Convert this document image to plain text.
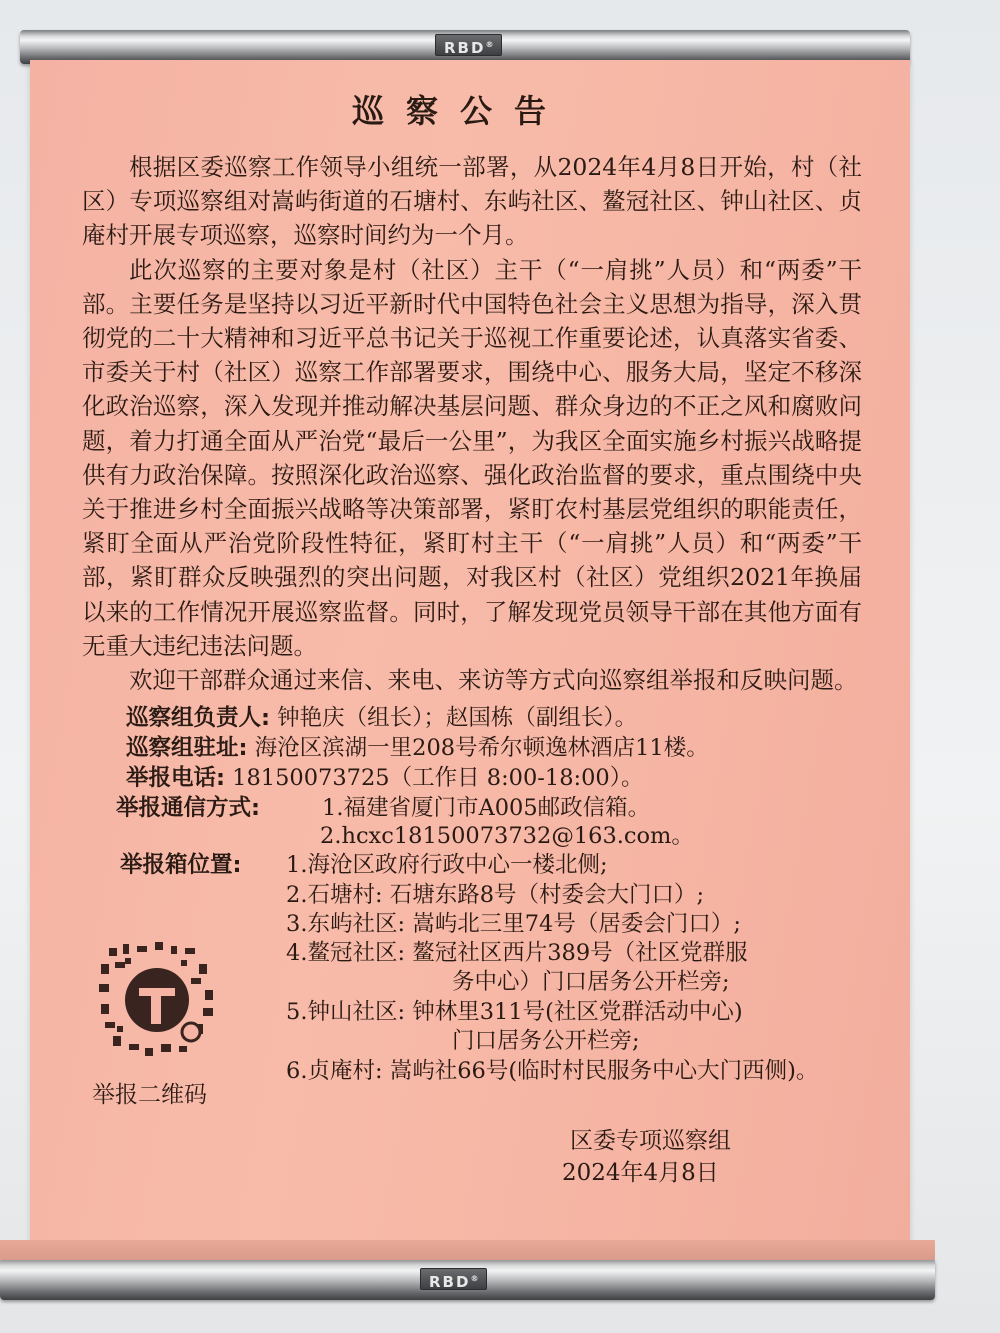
RBD®
巡察公告

根据区委巡察工作领导小组统一部署，从2024年4月8日开始，村（社区）专项巡察组对嵩屿街道的石塘村、东屿社区、鳌冠社区、钟山社区、贞庵村开展专项巡察，巡察时间约为一个月。

此次巡察的主要对象是村（社区）主干（“一肩挑”人员）和“两委”干部。主要任务是坚持以习近平新时代中国特色社会主义思想为指导，深入贯彻党的二十大精神和习近平总书记关于巡视工作重要论述，认真落实省委、市委关于村（社区）巡察工作部署要求，围绕中心、服务大局，坚定不移深化政治巡察，深入发现并推动解决基层问题、群众身边的不正之风和腐败问题，着力打通全面从严治党“最后一公里”，为我区全面实施乡村振兴战略提供有力政治保障。按照深化政治巡察、强化政治监督的要求，重点围绕中央关于推进乡村全面振兴战略等决策部署，紧盯农村基层党组织的职能责任，紧盯全面从严治党阶段性特征，紧盯村主干（“一肩挑”人员）和“两委”干部，紧盯群众反映强烈的突出问题，对我区村（社区）党组织2021年换届以来的工作情况开展巡察监督。同时，了解发现党员领导干部在其他方面有无重大违纪违法问题。

欢迎干部群众通过来信、来电、来访等方式向巡察组举报和反映问题。

巡察组负责人: 钟艳庆（组长）；赵国栋（副组长）。
巡察组驻址: 海沧区滨湖一里208号希尔顿逸林酒店11楼。
举报电话: 18150073725（工作日 8:00-18:00）。
举报通信方式:	1.福建省厦门市A005邮政信箱。
2.hcxc18150073732@163.com。
举报箱位置: 1.海沧区政府行政中心一楼北侧;
2.石塘村: 石塘东路8号（村委会大门口）;
3.东屿社区: 嵩屿北三里74号（居委会门口）;
4.鳌冠社区: 鳌冠社区西片389号（社区党群服
务中心）门口居务公开栏旁;
5.钟山社区: 钟林里311号(社区党群活动中心)
门口居务公开栏旁;
6.贞庵村: 嵩屿社66号(临时村民服务中心大门西侧)。
举报二维码
区委专项巡察组
2024年4月8日
RBD®
